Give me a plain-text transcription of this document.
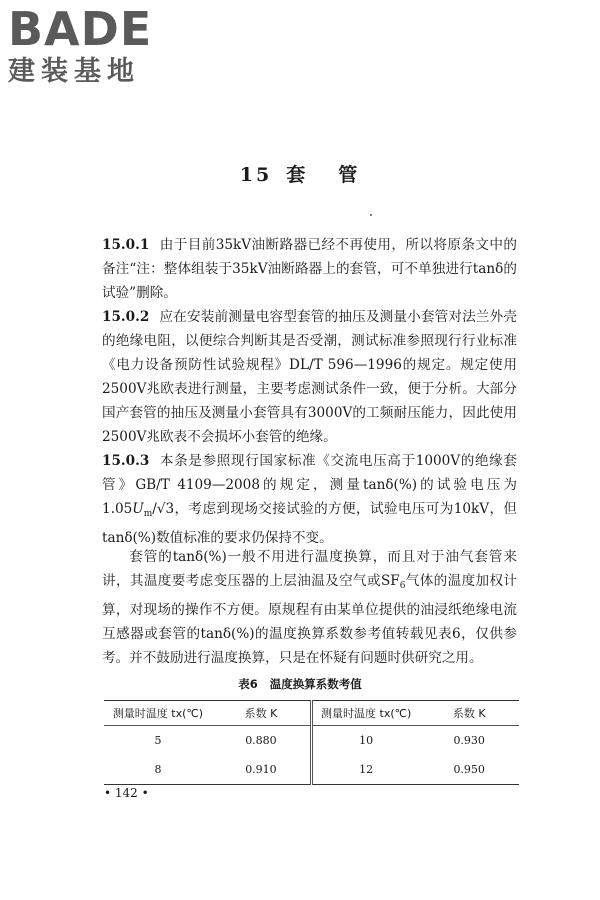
BADE
建装基地
15 套 管

15.0.1 由于目前35kV油断路器已经不再使用，所以将原条文中的备注“注：整体组装于35kV油断路器上的套管，可不单独进行tanδ的试验”删除。

15.0.2 应在安装前测量电容型套管的抽压及测量小套管对法兰外壳的绝缘电阻，以便综合判断其是否受潮，测试标准参照现行行业标准《电力设备预防性试验规程》DL/T 596—1996的规定。规定使用2500V兆欧表进行测量，主要考虑测试条件一致，便于分析。大部分国产套管的抽压及测量小套管具有3000V的工频耐压能力，因此使用2500V兆欧表不会损坏小套管的绝缘。

15.0.3 本条是参照现行国家标准《交流电压高于1000V的绝缘套管》GB/T 4109—2008的规定，测量tanδ(%)的试验电压为$1.05U_m/√3$，考虑到现场交接试验的方便，试验电压可为10kV，但tanδ(%)数值标准的要求仍保持不变。

套管的tanδ(%)一般不用进行温度换算，而且对于油气套管来讲，其温度要考虑变压器的上层油温及空气或$SF_6$气体的温度加权计算，对现场的操作不方便。原规程有由某单位提供的油浸纸绝缘电流互感器或套管的tanδ(%)的温度换算系数参考值转载见表6，仅供参考。并不鼓励进行温度换算，只是在怀疑有问题时供研究之用。

表6 温度换算系数考值
测量时温度 tx(℃)	系数 K	测量时温度 tx(℃)	系数 K
5	0.880	10	0.930
8	0.910	12	0.950
• 142 •
